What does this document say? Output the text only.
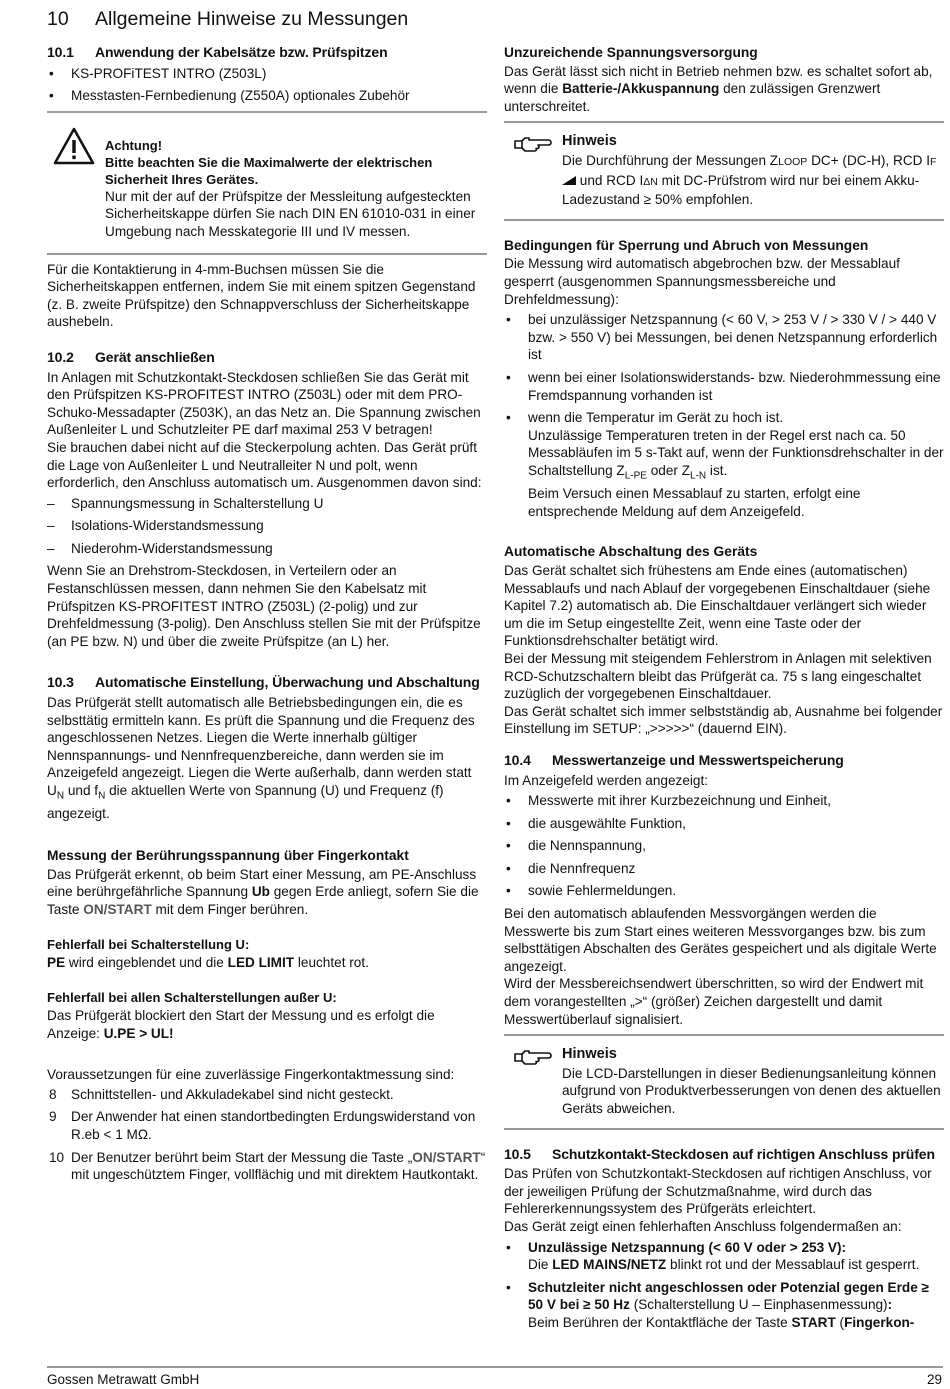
10 Allgemeine Hinweise zu Messungen
10.1 Anwendung der Kabelsätze bzw. Prüfspitzen
• KS-PROFiTEST INTRO (Z503L)
• Messtasten-Fernbedienung (Z550A) optionales Zubehör
Achtung!
Bitte beachten Sie die Maximalwerte der elektrischen Sicherheit Ihres Gerätes.

Nur mit der auf der Prüfspitze der Messleitung aufgesteckten Sicherheitskappe dürfen Sie nach DIN EN 61010-031 in einer Umgebung nach Messkategorie III und IV messen.

Für die Kontaktierung in 4-mm-Buchsen müssen Sie die Sicherheitskappen entfernen, indem Sie mit einem spitzen Gegenstand (z. B. zweite Prüfspitze) den Schnappverschluss der Sicherheitskappe aushebeln.

10.2 Gerät anschließen

In Anlagen mit Schutzkontakt-Steckdosen schließen Sie das Gerät mit den Prüfspitzen KS-PROFITEST INTRO (Z503L) oder mit dem PRO-Schuko-Messadapter (Z503K), an das Netz an. Die Spannung zwischen Außenleiter L und Schutzleiter PE darf maximal 253 V betragen!

Sie brauchen dabei nicht auf die Steckerpolung achten. Das Gerät prüft die Lage von Außenleiter L und Neutralleiter N und polt, wenn erforderlich, den Anschluss automatisch um. Ausgenommen davon sind:

– Spannungsmessung in Schalterstellung U
– Isolations-Widerstandsmessung
– Niederohm-Widerstandsmessung

Wenn Sie an Drehstrom-Steckdosen, in Verteilern oder an Festanschlüssen messen, dann nehmen Sie den Kabelsatz mit Prüfspitzen KS-PROFITEST INTRO (Z503L) (2-polig) und zur Drehfeldmessung (3-polig). Den Anschluss stellen Sie mit der Prüfspitze (an PE bzw. N) und über die zweite Prüfspitze (an L) her.

10.3 Automatische Einstellung, Überwachung und Abschaltung

Das Prüfgerät stellt automatisch alle Betriebsbedingungen ein, die es selbsttätig ermitteln kann. Es prüft die Spannung und die Frequenz des angeschlossenen Netzes. Liegen die Werte innerhalb gültiger Nennspannungs- und Nennfrequenzbereiche, dann werden sie im Anzeigefeld angezeigt. Liegen die Werte außerhalb, dann werden statt $U_N$ und $f_N$ die aktuellen Werte von Spannung (U) und Frequenz (f) angezeigt.

Messung der Berührungsspannung über Fingerkontakt

Das Prüfgerät erkennt, ob beim Start einer Messung, am PE-Anschluss eine berührgefährliche Spannung Ub gegen Erde anliegt, sofern Sie die Taste ON/START mit dem Finger berühren.

Fehlerfall bei Schalterstellung U:

PE wird eingeblendet und die LED LIMIT leuchtet rot.

Fehlerfall bei allen Schalterstellungen außer U:

Das Prüfgerät blockiert den Start der Messung und es erfolgt die Anzeige: U.PE > UL!

Voraussetzungen für eine zuverlässige Fingerkontaktmessung sind:

8 Schnittstellen- und Akkuladekabel sind nicht gesteckt.
9 Der Anwender hat einen standortbedingten Erdungswiderstand von R.eb < 1 MΩ.
10 Der Benutzer berührt beim Start der Messung die Taste „ON/START“ mit ungeschütztem Finger, vollflächig und mit direktem Hautkontakt.
Unzureichende Spannungsversorgung

Das Gerät lässt sich nicht in Betrieb nehmen bzw. es schaltet sofort ab, wenn die Batterie-/Akkuspannung den zulässigen Grenzwert unterschreitet.

Hinweis

Die Durchführung der Messungen ZLOOP DC+ (DC-H), RCD IF und RCD IΔN mit DC-Prüfstrom wird nur bei einem Akku-Ladezustand ≥ 50% empfohlen.

Bedingungen für Sperrung und Abruch von Messungen

Die Messung wird automatisch abgebrochen bzw. der Messablauf gesperrt (ausgenommen Spannungsmessbereiche und Drehfeldmessung):

• bei unzulässiger Netzspannung (< 60 V, > 253 V / > 330 V / > 440 V bzw. > 550 V) bei Messungen, bei denen Netzspannung erforderlich ist
• wenn bei einer Isolationswiderstands- bzw. Niederohmmessung eine Fremdspannung vorhanden ist
• wenn die Temperatur im Gerät zu hoch ist.
Unzulässige Temperaturen treten in der Regel erst nach ca. 50 Messabläufen im 5 s-Takt auf, wenn der Funktionsdrehschalter in der Schaltstellung $Z_{L-PE}$ oder $Z_{L-N}$ ist.
Beim Versuch einen Messablauf zu starten, erfolgt eine entsprechende Meldung auf dem Anzeigefeld.
Automatische Abschaltung des Geräts

Das Gerät schaltet sich frühestens am Ende eines (automatischen) Messablaufs und nach Ablauf der vorgegebenen Einschaltdauer (siehe Kapitel 7.2) automatisch ab. Die Einschaltdauer verlängert sich wieder um die im Setup eingestellte Zeit, wenn eine Taste oder der Funktionsdrehschalter betätigt wird.

Bei der Messung mit steigendem Fehlerstrom in Anlagen mit selektiven RCD-Schutzschaltern bleibt das Prüfgerät ca. 75 s lang eingeschaltet zuzüglich der vorgegebenen Einschaltdauer.

Das Gerät schaltet sich immer selbstständig ab, Ausnahme bei folgender Einstellung im SETUP: „>>>>>“ (dauernd EIN).

10.4 Messwertanzeige und Messwertspeicherung

Im Anzeigefeld werden angezeigt:

• Messwerte mit ihrer Kurzbezeichnung und Einheit,
• die ausgewählte Funktion,
• die Nennspannung,
• die Nennfrequenz
• sowie Fehlermeldungen.

Bei den automatisch ablaufenden Messvorgängen werden die Messwerte bis zum Start eines weiteren Messvorganges bzw. bis zum selbsttätigen Abschalten des Gerätes gespeichert und als digitale Werte angezeigt.

Wird der Messbereichsendwert überschritten, so wird der Endwert mit dem vorangestellten „>“ (größer) Zeichen dargestellt und damit Messwertüberlauf signalisiert.

Hinweis

Die LCD-Darstellungen in dieser Bedienungsanleitung können aufgrund von Produktverbesserungen von denen des aktuellen Geräts abweichen.

10.5 Schutzkontakt-Steckdosen auf richtigen Anschluss prüfen

Das Prüfen von Schutzkontakt-Steckdosen auf richtigen Anschluss, vor der jeweiligen Prüfung der Schutzmaßnahme, wird durch das Fehlererkennungssystem des Prüfgeräts erleichtert.

Das Gerät zeigt einen fehlerhaften Anschluss folgendermaßen an:

• Unzulässige Netzspannung (< 60 V oder > 253 V):
Die LED MAINS/NETZ blinkt rot und der Messablauf ist gesperrt.
• Schutzleiter nicht angeschlossen oder Potenzial gegen Erde ≥ 50 V bei ≥ 50 Hz (Schalterstellung U – Einphasenmessung):
Beim Berühren der Kontaktfläche der Taste START (Fingerkon-
Gossen Metrawatt GmbH	29
